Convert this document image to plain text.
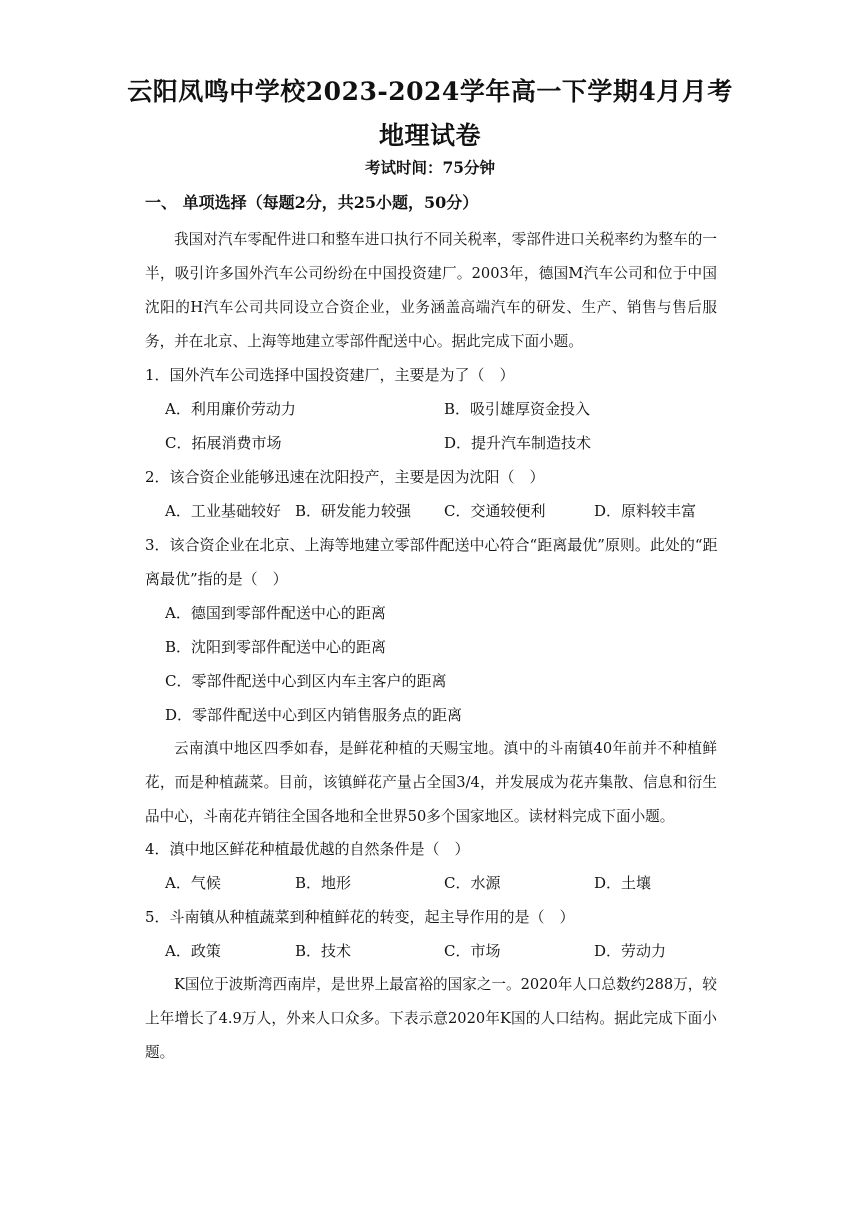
云阳凤鸣中学校2023-2024学年高一下学期4月月考
地理试卷
考试时间：75分钟
一、 单项选择（每题2分，共25小题，50分）
我国对汽车零配件进口和整车进口执行不同关税率，零部件进口关税率约为整车的一半，吸引许多国外汽车公司纷纷在中国投资建厂。2003年，德国M汽车公司和位于中国沈阳的H汽车公司共同设立合资企业，业务涵盖高端汽车的研发、生产、销售与售后服务，并在北京、上海等地建立零部件配送中心。据此完成下面小题。
1．国外汽车公司选择中国投资建厂，主要是为了（　）
A．利用廉价劳动力	B．吸引雄厚资金投入
C．拓展消费市场	D．提升汽车制造技术
2．该合资企业能够迅速在沈阳投产，主要是因为沈阳（　）
A．工业基础较好 B．研发能力较强 C．交通较便利	D．原料较丰富
3．该合资企业在北京、上海等地建立零部件配送中心符合“距离最优”原则。此处的“距
离最优”指的是（　）
A．德国到零部件配送中心的距离
B．沈阳到零部件配送中心的距离
C．零部件配送中心到区内车主客户的距离
D．零部件配送中心到区内销售服务点的距离
云南滇中地区四季如春，是鲜花种植的天赐宝地。滇中的斗南镇40年前并不种植鲜花，而是种植蔬菜。目前，该镇鲜花产量占全国3/4，并发展成为花卉集散、信息和衍生品中心，斗南花卉销往全国各地和全世界50多个国家地区。读材料完成下面小题。
4．滇中地区鲜花种植最优越的自然条件是（　）
A．气候	B．地形	C．水源	D．土壤
5．斗南镇从种植蔬菜到种植鲜花的转变，起主导作用的是（　）
A．政策	B．技术	C．市场	D．劳动力
K国位于波斯湾西南岸，是世界上最富裕的国家之一。2020年人口总数约288万，较上年增长了4.9万人，外来人口众多。下表示意2020年K国的人口结构。据此完成下面小题。
